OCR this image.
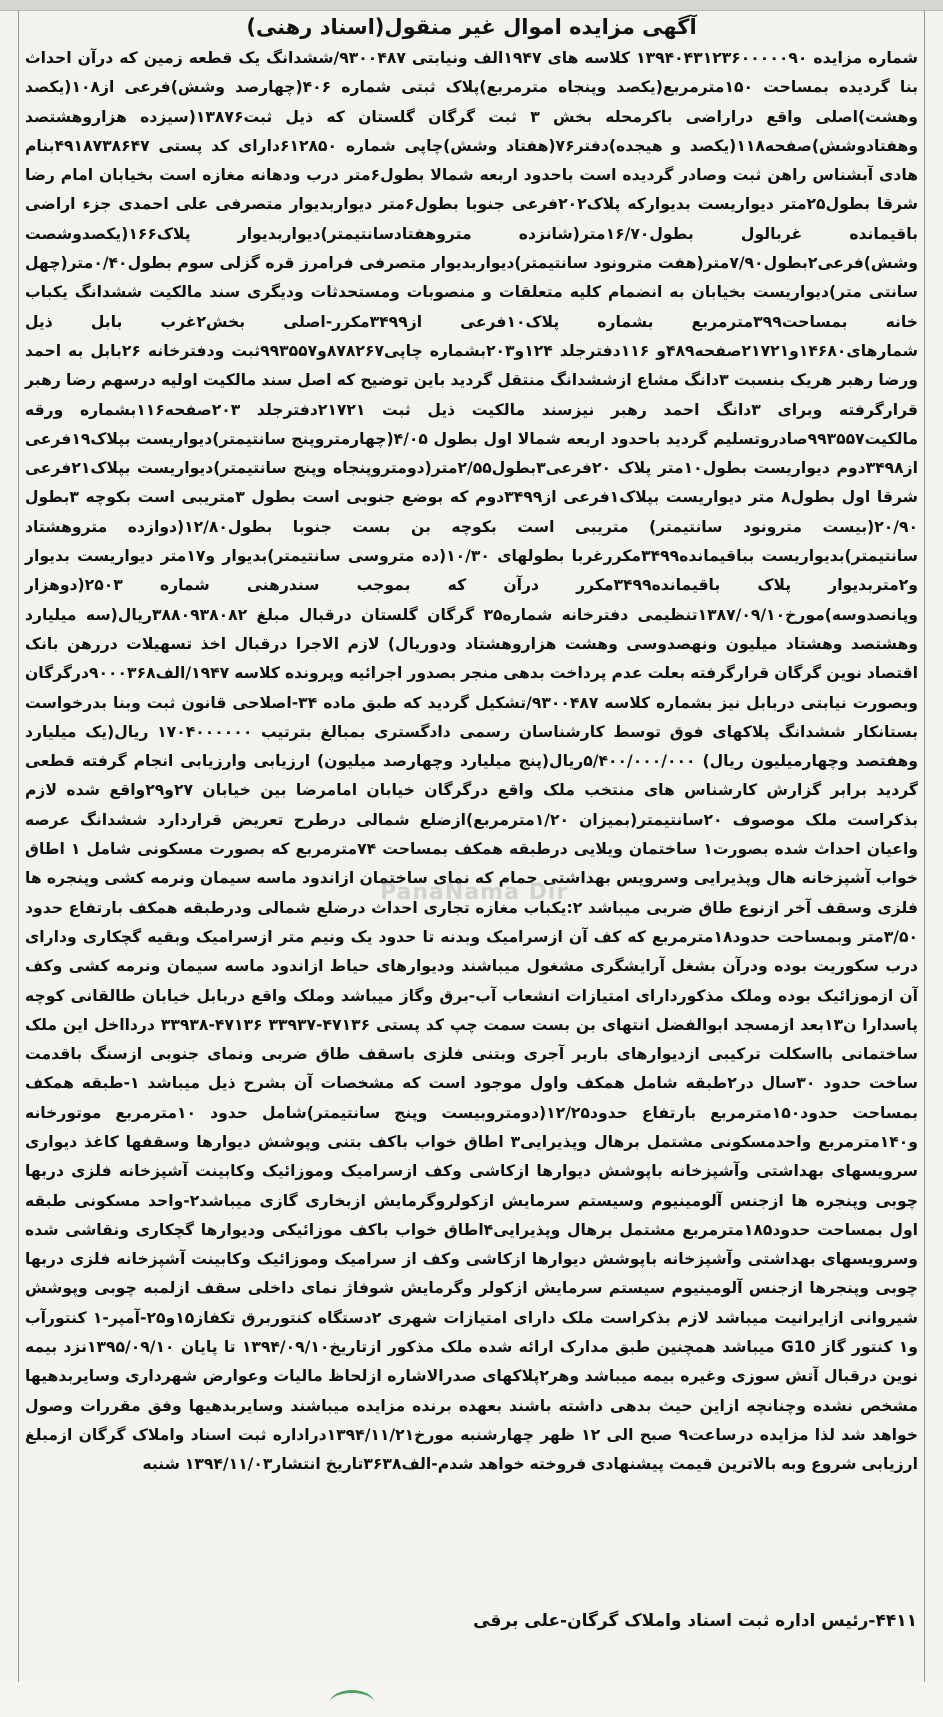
آگهی مزایده اموال غیر منقول(اسناد رهنی)
شماره مزایده ۱۳۹۴۰۴۳۱۲۳۶۰۰۰۰۰۹۰ کلاسه های ۱۹۴۷الف ونیابتی ۹۳۰۰۴۸۷/ششدانگ یک قطعه زمین که درآن احداث بنا گردیده بمساحت ۱۵۰مترمربع(یکصد وپنجاه مترمربع)پلاک ثبتی شماره ۴۰۶(چهارصد وشش)فرعی از۱۰۸(یکصد وهشت)اصلی واقع دراراضی باکرمحله بخش ۳ ثبت گرگان گلستان که ذیل ثبت۱۳۸۷۶(سیزده هزاروهشتصد وهفتادوشش)صفحه۱۱۸(یکصد و هیجده)دفتر۷۶(هفتاد وشش)چاپی شماره ۶۱۲۸۵۰دارای کد پستی ۴۹۱۸۷۳۸۶۴۷بنام هادی آبشناس راهن ثبت وصادر گردیده است باحدود اربعه شمالا بطول۶متر درب ودهانه مغازه است بخیابان امام رضا شرقا بطول۲۵متر دیواریست بدیوارکه پلاک۲۰۲فرعی جنوبا بطول۶متر دیواربدیوار متصرفی علی احمدی جزء اراضی باقیمانده غربالول بطول۱۶/۷۰متر(شانزده متروهفتادسانتیمتر)دیواربدیوار پلاک۱۶۶(یکصدوشصت وشش)فرعی۲بطول۷/۹۰متر(هفت مترونود سانتیمتر)دیواربدیوار متصرفی فرامرز قره گزلی سوم بطول۰/۴۰متر(چهل سانتی متر)دیواریست بخیابان به انضمام کلیه متعلقات و منصوبات ومستحدثات ودیگری سند مالکیت ششدانگ یکباب خانه بمساحت۳۹۹مترمربع بشماره پلاک۱۰فرعی از۳۴۹۹مکرر-اصلی بخش۲غرب بابل ذیل شمارهای۱۴۶۸۰و۲۱۷۲۱صفحه۴۸۹و ۱۱۶دفترجلد ۱۲۴و۲۰۳بشماره چاپی۸۷۸۲۶۷و۹۹۳۵۵۷ثبت ودفترخانه ۲۶بابل به احمد ورضا رهبر هریک بنسبت ۳دانگ مشاع ازششدانگ منتقل گردید باین توضیح که اصل سند مالکیت اولیه درسهم رضا رهبر قرارگرفته وبرای ۳دانگ احمد رهبر نیزسند مالکیت ذیل ثبت ۲۱۷۲۱دفترجلد ۲۰۳صفحه۱۱۶بشماره ورقه مالکیت۹۹۳۵۵۷صادروتسلیم گردید باحدود اربعه شمالا اول بطول ۴/۰۵(چهارمتروپنج سانتیمتر)دیواریست بپلاک۱۹فرعی از۳۴۹۸دوم دیواریست بطول۱۰متر پلاک ۲۰فرعی۳بطول۲/۵۵متر(دومتروپنجاه وپنج سانتیمتر)دیواریست بپلاک۲۱فرعی شرقا اول بطول۸ متر دیواریست بپلاک۱فرعی از۳۴۹۹دوم که بوضع جنوبی است بطول ۳متریبی است بکوچه ۳بطول ۲۰/۹۰(بیست مترونود سانتیمتر) متریبی است بکوچه بن بست جنوبا بطول۱۲/۸۰(دوازده متروهشتاد سانتیمتر)بدیواریست بباقیمانده۳۴۹۹مکررغربا بطولهای ۱۰/۳۰(ده متروسی سانتیمتر)بدیوار و۱۷متر دیواریست بدیوار و۲متربدیوار پلاک باقیمانده۳۴۹۹مکرر درآن که بموجب سندرهنی شماره ۲۵۰۳(دوهزار وپانصدوسه)مورخ۱۳۸۷/۰۹/۱۰تنظیمی دفترخانه شماره۳۵ گرگان گلستان درقبال مبلغ ۳۸۸۰۹۳۸۰۸۲ریال(سه میلیارد وهشتصد وهشتاد میلیون ونهصدوسی وهشت هزاروهشتاد ودوریال) لازم الاجرا درقبال اخذ تسهیلات دررهن بانک اقتصاد نوین گرگان قرارگرفته بعلت عدم پرداخت بدهی منجر بصدور اجرائیه وپرونده کلاسه ۱۹۴۷/الف۹۰۰۰۳۶۸درگرگان وبصورت نیابتی دربابل نیز بشماره کلاسه ۹۳۰۰۴۸۷/تشکیل گردید که طبق ماده ۳۴-اصلاحی قانون ثبت وبنا بدرخواست بستانکار ششدانگ پلاکهای فوق توسط کارشناسان رسمی دادگستری بمبالغ بترتیب ۱۷۰۴۰۰۰۰۰۰ ریال(یک میلیارد وهفتصد وچهارمیلیون ریال) ۵/۴۰۰/۰۰۰/۰۰۰ریال(پنج میلیارد وچهارصد میلیون) ارزیابی وارزیابی انجام گرفته قطعی گردید برابر گزارش کارشناس های منتخب ملک واقع درگرگان خیابان امامرضا بین خیابان ۲۷و۲۹واقع شده لازم بذکراست ملک موصوف ۲۰سانتیمتر(بمیزان ۱/۲۰مترمربع)ازضلع شمالی درطرح تعریض قراردارد ششدانگ عرصه واعیان احداث شده بصورت۱ ساختمان ویلایی درطبقه همکف بمساحت ۷۴مترمربع که بصورت مسکونی شامل ۱ اطاق خواب آشپزخانه هال وپذیرایی وسرویس بهداشتی حمام که نمای ساختمان ازاندود ماسه سیمان ونرمه کشی وپنجره ها فلزی وسقف آخر ازنوع طاق ضربی میباشد ۲:یکباب مغازه تجاری احداث درضلع شمالی ودرطبقه همکف بارتفاع حدود ۳/۵۰متر وبمساحت حدود۱۸مترمربع که کف آن ازسرامیک وبدنه تا حدود یک ونیم متر ازسرامیک وبقیه گچکاری ودارای درب سکوریت بوده ودرآن بشغل آرایشگری مشغول میباشند ودیوارهای حیاط ازاندود ماسه سیمان ونرمه کشی وکف آن ازموزائیک بوده وملک مذکوردارای امتیازات انشعاب آب-برق وگاز میباشد وملک واقع دربابل خیابان طالقانی کوچه پاسدارا ن۱۳بعد ازمسجد ابوالفضل انتهای بن بست سمت چپ کد پستی ۴۷۱۳۶-۳۳۹۳۷ ۴۷۱۳۶-۳۳۹۳۸ دردااخل این ملک ساختمانی بااسکلت ترکیبی ازدیوارهای باربر آجری وبتنی فلزی باسقف طاق ضربی ونمای جنوبی ازسنگ باقدمت ساخت حدود ۳۰سال در۲طبقه شامل همکف واول موجود است که مشخصات آن بشرح ذیل میباشد ۱-طبقه همکف بمساحت حدود۱۵۰مترمربع بارتفاع حدود۱۲/۲۵(دومتروبیست وپنج سانتیمتر)شامل حدود ۱۰مترمربع موتورخانه و۱۴۰مترمربع واحدمسکونی مشتمل برهال وپذیرایی۳ اطاق خواب باکف بتنی وپوشش دیوارها وسقفها کاغذ دیواری سرویسهای بهداشتی وآشپزخانه باپوشش دیوارها ازکاشی وکف ازسرامیک وموزائیک وکابینت آشپزخانه فلزی دربها چوبی وپنجره ها ازجنس آلومینیوم وسیستم سرمایش ازکولروگرمایش ازبخاری گازی میباشد۲-واحد مسکونی طبقه اول بمساحت حدود۱۸۵مترمربع مشتمل برهال وپذیرایی۴اطاق خواب باکف موزائیکی ودیوارها گچکاری ونقاشی شده وسرویسهای بهداشتی وآشپزخانه باپوشش دیوارها ازکاشی وکف از سرامیک وموزائیک وکابینت آشپزخانه فلزی دربها چوبی وپنجرها ازجنس آلومینیوم سیستم سرمایش ازکولر وگرمایش شوفاژ نمای داخلی سقف ازلمبه چوبی وپوشش شیروانی ازایرانیت میباشد لازم بذکراست ملک دارای امتیازات شهری ۲دستگاه کنتوربرق تکفاز۱۵و۲۵-آمپر-۱ کنتورآب و۱ کنتور گاز G10 میباشد همچنین طبق مدارک ارائه شده ملک مذکور ازتاریخ۱۳۹۴/۰۹/۱۰ تا پایان ۱۳۹۵/۰۹/۱۰نزد بیمه نوین درقبال آتش سوزی وغیره بیمه میباشد وهر۲پلاکهای صدرالاشاره ازلحاظ مالیات وعوارض شهرداری وسایربدهیها مشخص نشده وچنانچه ازاین حیث بدهی داشته باشند بعهده برنده مزایده میباشند وسایربدهیها وفق مقررات وصول خواهد شد لذا مزایده درساعت۹ صبح الی ۱۲ ظهر چهارشنبه مورخ۱۳۹۴/۱۱/۲۱دراداره ثبت اسناد واملاک گرگان ازمبلغ ارزیابی شروع وبه بالاترین قیمت پیشنهادی فروخته خواهد شدم-الف۳۶۳۸تاریخ انتشار۱۳۹۴/۱۱/۰۳ شنبه
PanaNama Dir
۴۴۱۱-رئیس اداره ثبت اسناد واملاک گرگان-علی برقی
